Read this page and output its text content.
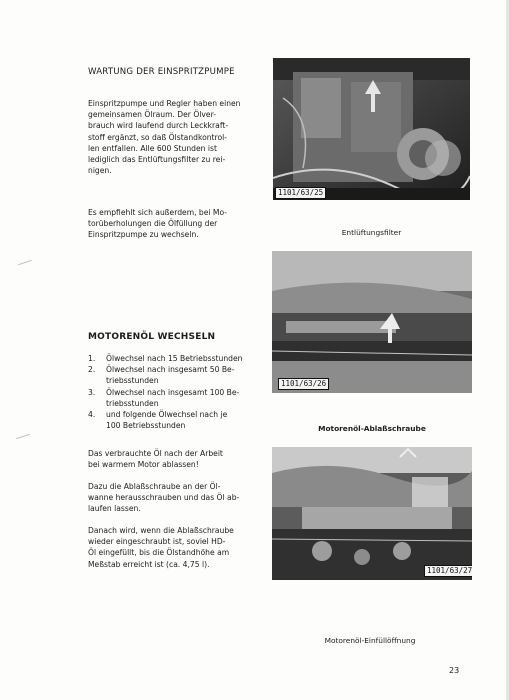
WARTUNG DER EINSPRITZPUMPE
Einspritzpumpe und Regler haben einen
gemeinsamen Ölraum. Der Ölver-
brauch wird laufend durch Leckkraft-
stoff ergänzt, so daß Ölstandkontrol-
len entfallen. Alle 600 Stunden ist
lediglich das Entlüftungsfilter zu rei-
nigen.
Es empfiehlt sich außerdem, bei Mo-
torüberholungen die Ölfüllung der
Einspritzpumpe zu wechseln.
MOTORENÖL WECHSELN
1. Ölwechsel nach 15 Betriebsstunden
2. Ölwechsel nach insgesamt 50 Be-
triebsstunden
3. Ölwechsel nach insgesamt 100 Be-
triebsstunden
4. und folgende Ölwechsel nach je
100 Betriebsstunden
Das verbrauchte Öl nach der Arbeit
bei warmem Motor ablassen!
Dazu die Ablaßschraube an der Öl-
wanne herausschrauben und das Öl ab-
laufen lassen.
Danach wird, wenn die Ablaßschraube
wieder eingeschraubt ist, soviel HD-
Öl eingefüllt, bis die Ölstandhöhe am
Meßstab erreicht ist (ca. 4,75 l).
1101/63/25
Entlüftungsfilter
1101/63/26
Motorenöl-Ablaßschraube
1101/63/27
Motorenöl-Einfüllöffnung
23
